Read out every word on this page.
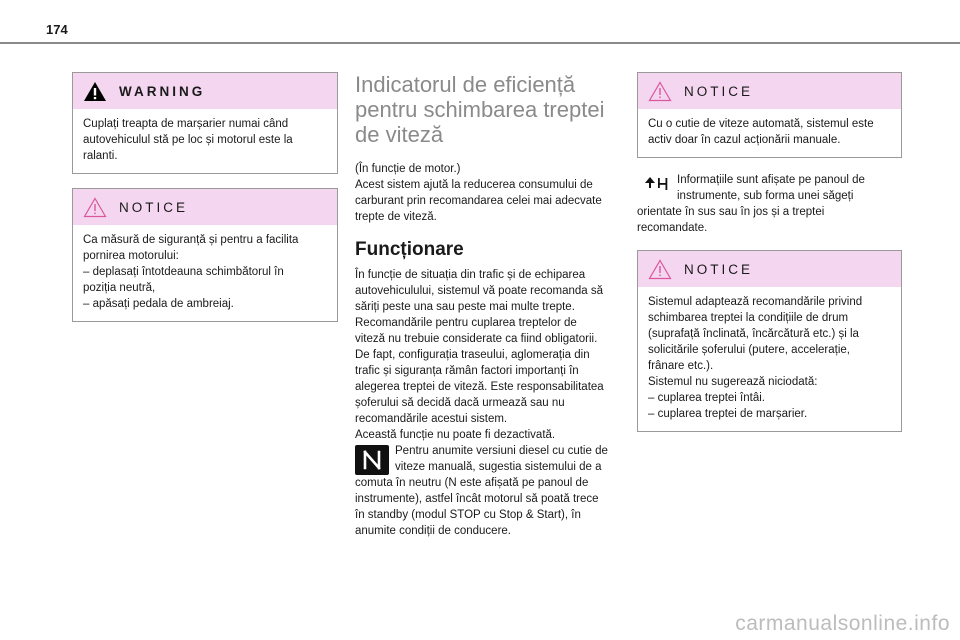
174
WARNING
Cuplați treapta de marșarier numai când
autovehiculul stă pe loc și motorul este la
ralanti.
NOTICE
Ca măsură de siguranță și pentru a facilita
pornirea motorului:
– deplasați întotdeauna schimbătorul în
poziția neutră,
– apăsați pedala de ambreiaj.
Indicatorul de eficiență
pentru schimbarea treptei
de viteză
(În funcție de motor.)
Acest sistem ajută la reducerea consumului de
carburant prin recomandarea celei mai adecvate
trepte de viteză.
Funcționare
În funcție de situația din trafic și de echiparea
autovehiculului, sistemul vă poate recomanda să
săriți peste una sau peste mai multe trepte.
Recomandările pentru cuplarea treptelor de
viteză nu trebuie considerate ca fiind obligatorii.
De fapt, configurația traseului, aglomerația din
trafic și siguranța rămân factori importanți în
alegerea treptei de viteză. Este responsabilitatea
șoferului să decidă dacă urmează sau nu
recomandările acestui sistem.
Această funcție nu poate fi dezactivată.
Pentru anumite versiuni diesel cu cutie de
viteze manuală, sugestia sistemului de a
comuta în neutru (N este afișată pe panoul de
instrumente), astfel încât motorul să poată trece
în standby (modul STOP cu Stop & Start), în
anumite condiții de conducere.
NOTICE
Cu o cutie de viteze automată, sistemul este
activ doar în cazul acționării manuale.
Informațiile sunt afișate pe panoul de
instrumente, sub forma unei săgeți
orientate în sus sau în jos și a treptei
recomandate.
NOTICE
Sistemul adaptează recomandările privind
schimbarea treptei la condițiile de drum
(suprafață înclinată, încărcătură etc.) și la
solicitările șoferului (putere, accelerație,
frânare etc.).
Sistemul nu sugerează niciodată:
– cuplarea treptei întâi.
– cuplarea treptei de marșarier.
carmanualsonline.info
